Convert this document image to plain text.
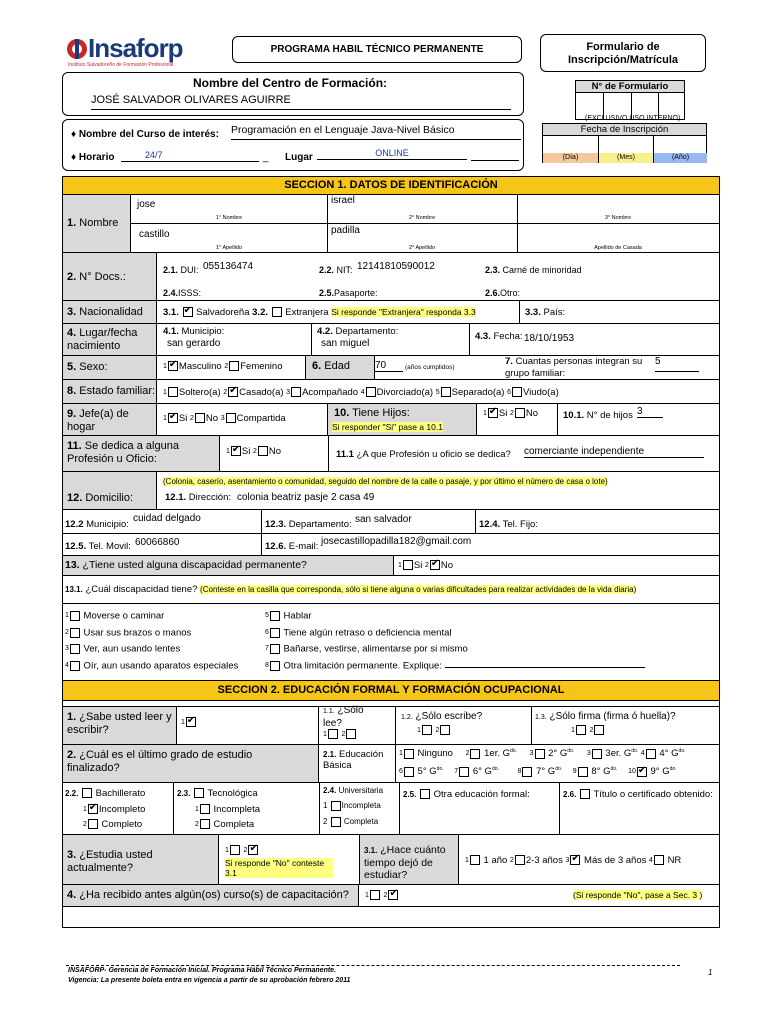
Insaforp
Instituto Salvadoreño de Formación Profesional
PROGRAMA HABIL TÉCNICO PERMANENTE	Formulario de
Inscripción/Matrícula
Nombre del Centro de Formación:
JOSÉ SALVADOR OLIVARES AGUIRRE
♦ Nombre del Curso de interés: Programación en el Lenguaje Java-Nivel Básico
♦ Horario	24/7	_ Lugar	ONLINE
N° de Formulario
(EXCLUSIVO USO INTERNO)
Fecha de Inscripción
(Día)	(Mes)	(Año)
SECCION 1. DATOS DE IDENTIFICACIÓN
1. Nombre
jose	israel
1° Nombre	2° Nombre	3° Nombre
castillo	padilla
1° Apellido	2° Apellido	Apellido de Casada
2. N° Docs.:
2.1. DUI: 055136474	2.2. NIT: 12141810590012	2.3. Carné de minoridad
2.4.ISSS:	2.5.Pasaporte:	2.6.Otro:
3. Nacionalidad 3.1. ✔ Salvadoreña 3.2. Extranjera Si responde "Extranjera" responda 3.3	3.3. País:
4. Lugar/fecha nacimiento
4.1. Municipio:
san gerardo
4.2. Departamento:
san miguel
4.3. Fecha: 18/10/1953
5. Sexo:	1 ✔ Masculino 2 Femenino	6. Edad	70	(años cumplidos)
7. Cuantas personas integran su grupo familiar:
5
8. Estado familiar: 1 Soltero(a) 2 ✔ Casado(a) 3 Acompañado 4 Divorciado(a) 5 Separado(a) 6 Viudo(a)
9. Jefe(a) de hogar
1 ✔ Si 2 No 3 Compartida	10. Tiene Hijos:
Si responder "Si" pase a 10.1
1 ✔ Si 2 No	10.1. N° de hijos 3
11. Se dedica a alguna Profesión u Oficio:
1 ✔ Si 2 No	11.1 ¿A que Profesión u oficio se dedica? comerciante independiente
12. Domicilio:
(Colonia, caserío, asentamiento o comunidad, seguido del nombre de la calle o pasaje, y por último el número de casa o lote)
12.1. Dirección: colonia beatriz pasje 2 casa 49
12.2 Municipio:
cuidad delgado
12.3. Departamento: san salvador	12.4. Tel. Fijo:
12.5. Tel. Movil: 60066860	12.6. E-mail: josecastillopadilla182@gmail.com
13. ¿Tiene usted alguna discapacidad permanente?	1 Si 2 ✔ No
13.1. ¿Cuál discapacidad tiene? (Conteste en la casilla que corresponda, sólo si tiene alguna o varias dificultades para realizar actividades de la vida diaria)
1 Moverse o caminar
2 Usar sus brazos o manos
3 Ver, aun usando lentes
4 Oír, aun usando aparatos especiales
5 Hablar
6 Tiene algún retraso o deficiencia mental
7 Bañarse, vestirse, alimentarse por si mismo
8 Otra limitación permanente. Explique:
SECCION 2. EDUCACIÓN FORMAL Y FORMACIÓN OCUPACIONAL
1. ¿Sabe usted leer y escribir?
1✔
1.1. ¿Sólo lee?
1 2
1.2. ¿Sólo escribe?
1 2
1.3. ¿Sólo firma (firma ó huella)?
1 2
2. ¿Cuál es el último grado de estudio finalizado?
2.1. Educación Básica
1 Ninguno 2 1er. $G^{do.}$ 3 2° $G^{do.}$ 3 3er. $G^{do.}$ 4 4° $G^{do.}$
6 5° $G^{do.}$ 7 6° $G^{do.}$	8 7° $G^{do.}$ 9 8° $G^{do.}$ 10 ✔ 9° $G^{do.}$
2.2. Bachillerato
1 ✔ Incompleto
2 Completo
2.3. Tecnológica
1 Incompleta
2 Completa
2.4. Universitaria
1 Incompleta
2  Completa
2.5. Otra educación formal:	2.6. Título o certificado obtenido:
3. ¿Estudia usted actualmente?
1 2✔
Si responde "No" conteste 3.1
3.1. ¿Hace cuánto tiempo dejó de estudiar?
1 1 año 2 2-3 años 3 ✔ Más de 3 años 4 NR
4. ¿Ha recibido antes algún(os) curso(s) de capacitación? 1 2 ✔	(Si responde "No", pase a Sec. 3 )
INSAFORP- Gerencia de Formación Inicial. Programa Hábil Técnico Permanente.
Vigencia: La presente boleta entra en vigencia a partir de su aprobación febrero 2011
1
